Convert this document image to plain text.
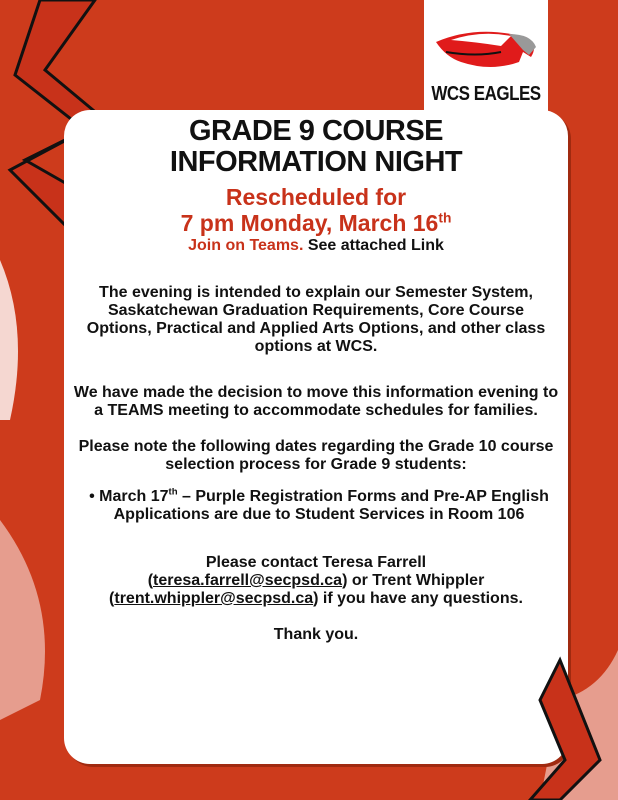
WCS EAGLES
GRADE 9 COURSE
INFORMATION NIGHT
Rescheduled for
7 pm Monday, March 16th
Join on Teams. See attached Link
The evening is intended to explain our Semester System, Saskatchewan Graduation Requirements, Core Course Options, Practical and Applied Arts Options, and other class options at WCS.
We have made the decision to move this information evening to a TEAMS meeting to accommodate schedules for families.
Please note the following dates regarding the Grade 10 course selection process for Grade 9 students:
• March 17th – Purple Registration Forms and Pre-AP English Applications are due to Student Services in Room 106
Please contact Teresa Farrell (teresa.farrell@secpsd.ca) or Trent Whippler (trent.whippler@secpsd.ca) if you have any questions.
Thank you.
